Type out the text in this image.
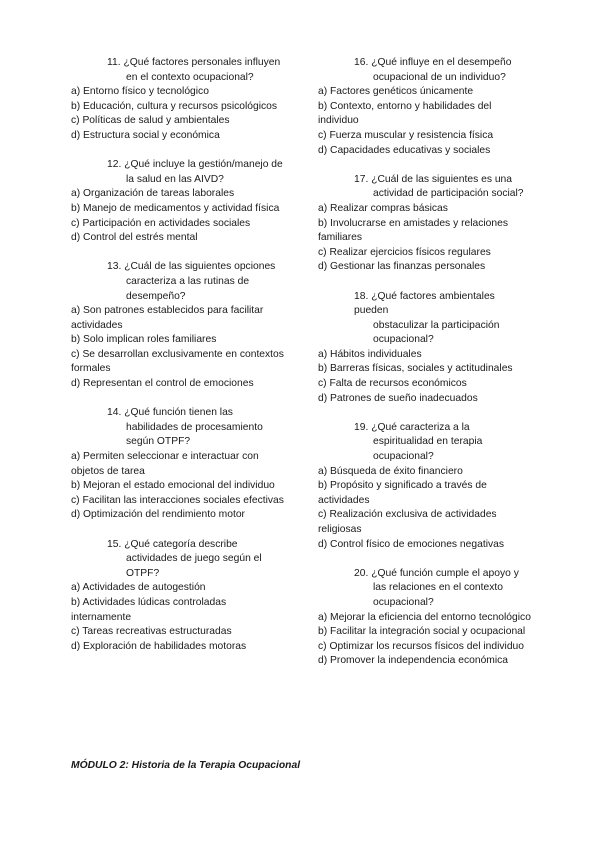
11. ¿Qué factores personales influyen
en el contexto ocupacional?
a) Entorno físico y tecnológico
b) Educación, cultura y recursos psicológicos
c) Políticas de salud y ambientales
d) Estructura social y económica
12. ¿Qué incluye la gestión/manejo de
la salud en las AIVD?
a) Organización de tareas laborales
b) Manejo de medicamentos y actividad física
c) Participación en actividades sociales
d) Control del estrés mental
13. ¿Cuál de las siguientes opciones
caracteriza a las rutinas de
desempeño?
a) Son patrones establecidos para facilitar actividades
b) Solo implican roles familiares
c) Se desarrollan exclusivamente en contextos formales
d) Representan el control de emociones
14. ¿Qué función tienen las
habilidades de procesamiento
según OTPF?
a) Permiten seleccionar e interactuar con objetos de tarea
b) Mejoran el estado emocional del individuo
c) Facilitan las interacciones sociales efectivas
d) Optimización del rendimiento motor
15. ¿Qué categoría describe
actividades de juego según el
OTPF?
a) Actividades de autogestión
b) Actividades lúdicas controladas internamente
c) Tareas recreativas estructuradas
d) Exploración de habilidades motoras
16. ¿Qué influye en el desempeño
ocupacional de un individuo?
a) Factores genéticos únicamente
b) Contexto, entorno y habilidades del individuo
c) Fuerza muscular y resistencia física
d) Capacidades educativas y sociales
17. ¿Cuál de las siguientes es una
actividad de participación social?
a) Realizar compras básicas
b) Involucrarse en amistades y relaciones familiares
c) Realizar ejercicios físicos regulares
d) Gestionar las finanzas personales
18. ¿Qué factores ambientales pueden
obstaculizar la participación
ocupacional?
a) Hábitos individuales
b) Barreras físicas, sociales y actitudinales
c) Falta de recursos económicos
d) Patrones de sueño inadecuados
19. ¿Qué caracteriza a la
espiritualidad en terapia
ocupacional?
a) Búsqueda de éxito financiero
b) Propósito y significado a través de actividades
c) Realización exclusiva de actividades religiosas
d) Control físico de emociones negativas
20. ¿Qué función cumple el apoyo y
las relaciones en el contexto
ocupacional?
a) Mejorar la eficiencia del entorno tecnológico
b) Facilitar la integración social y ocupacional
c) Optimizar los recursos físicos del individuo
d) Promover la independencia económica
MÓDULO 2: Historia de la Terapia Ocupacional
